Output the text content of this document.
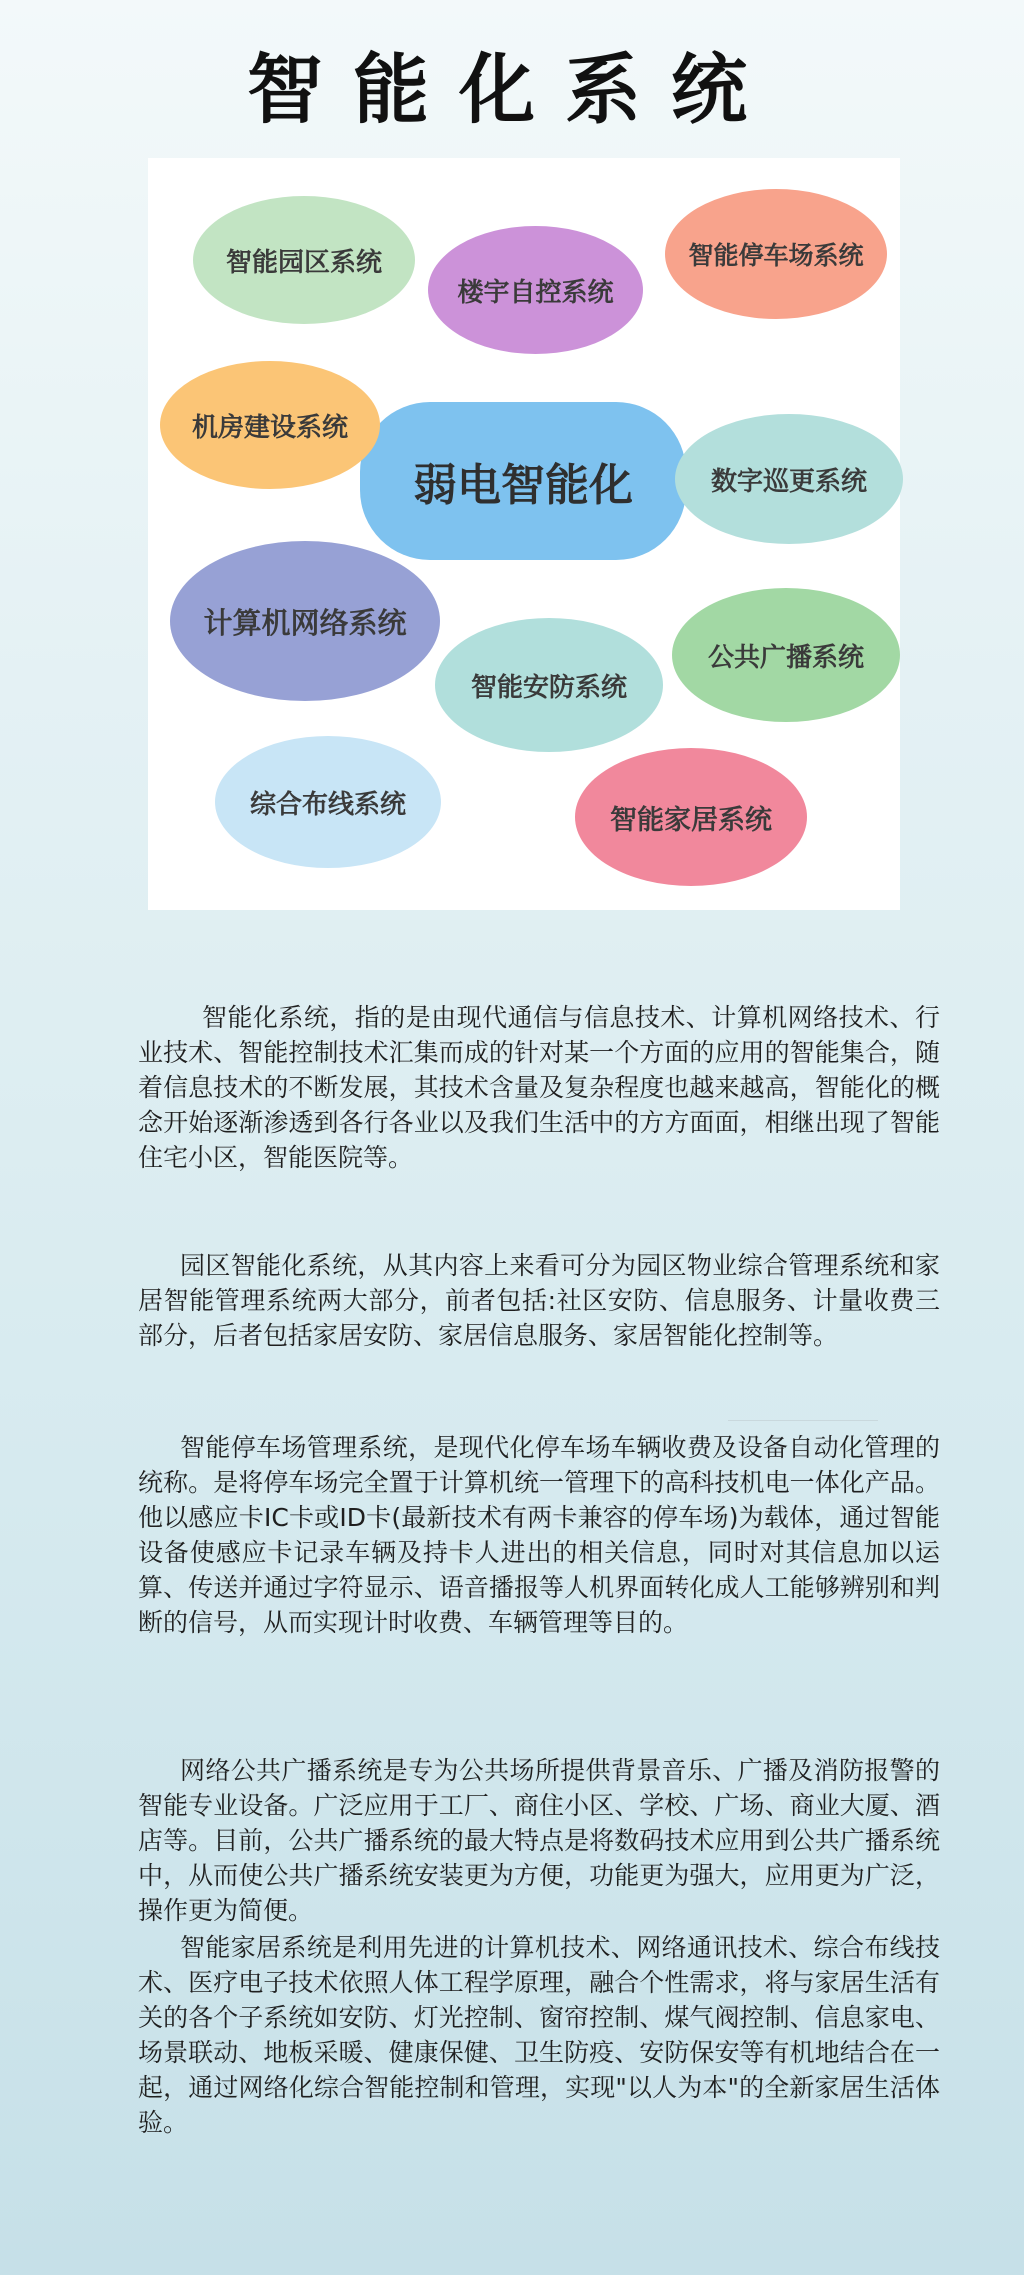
智能化系统
弱电智能化
智能园区系统
楼宇自控系统
智能停车场系统
机房建设系统
数字巡更系统
计算机网络系统
智能安防系统
公共广播系统
综合布线系统	智能家居系统

智能化系统，指的是由现代通信与信息技术、计算机网络技术、行业技术、智能控制技术汇集而成的针对某一个方面的应用的智能集合，随着信息技术的不断发展，其技术含量及复杂程度也越来越高，智能化的概念开始逐渐渗透到各行各业以及我们生活中的方方面面，相继出现了智能住宅小区，智能医院等。

园区智能化系统，从其内容上来看可分为园区物业综合管理系统和家居智能管理系统两大部分，前者包括:社区安防、信息服务、计量收费三部分，后者包括家居安防、家居信息服务、家居智能化控制等。

智能停车场管理系统，是现代化停车场车辆收费及设备自动化管理的统称。是将停车场完全置于计算机统一管理下的高科技机电一体化产品。他以感应卡IC卡或ID卡(最新技术有两卡兼容的停车场)为载体，通过智能设备使感应卡记录车辆及持卡人进出的相关信息，同时对其信息加以运算、传送并通过字符显示、语音播报等人机界面转化成人工能够辨别和判断的信号，从而实现计时收费、车辆管理等目的。

网络公共广播系统是专为公共场所提供背景音乐、广播及消防报警的智能专业设备。广泛应用于工厂、商住小区、学校、广场、商业大厦、酒店等。目前，公共广播系统的最大特点是将数码技术应用到公共广播系统中，从而使公共广播系统安装更为方便，功能更为强大，应用更为广泛，操作更为简便。

智能家居系统是利用先进的计算机技术、网络通讯技术、综合布线技术、医疗电子技术依照人体工程学原理，融合个性需求，将与家居生活有关的各个子系统如安防、灯光控制、窗帘控制、煤气阀控制、信息家电、场景联动、地板采暖、健康保健、卫生防疫、安防保安等有机地结合在一起，通过网络化综合智能控制和管理，实现"以人为本"的全新家居生活体验。
